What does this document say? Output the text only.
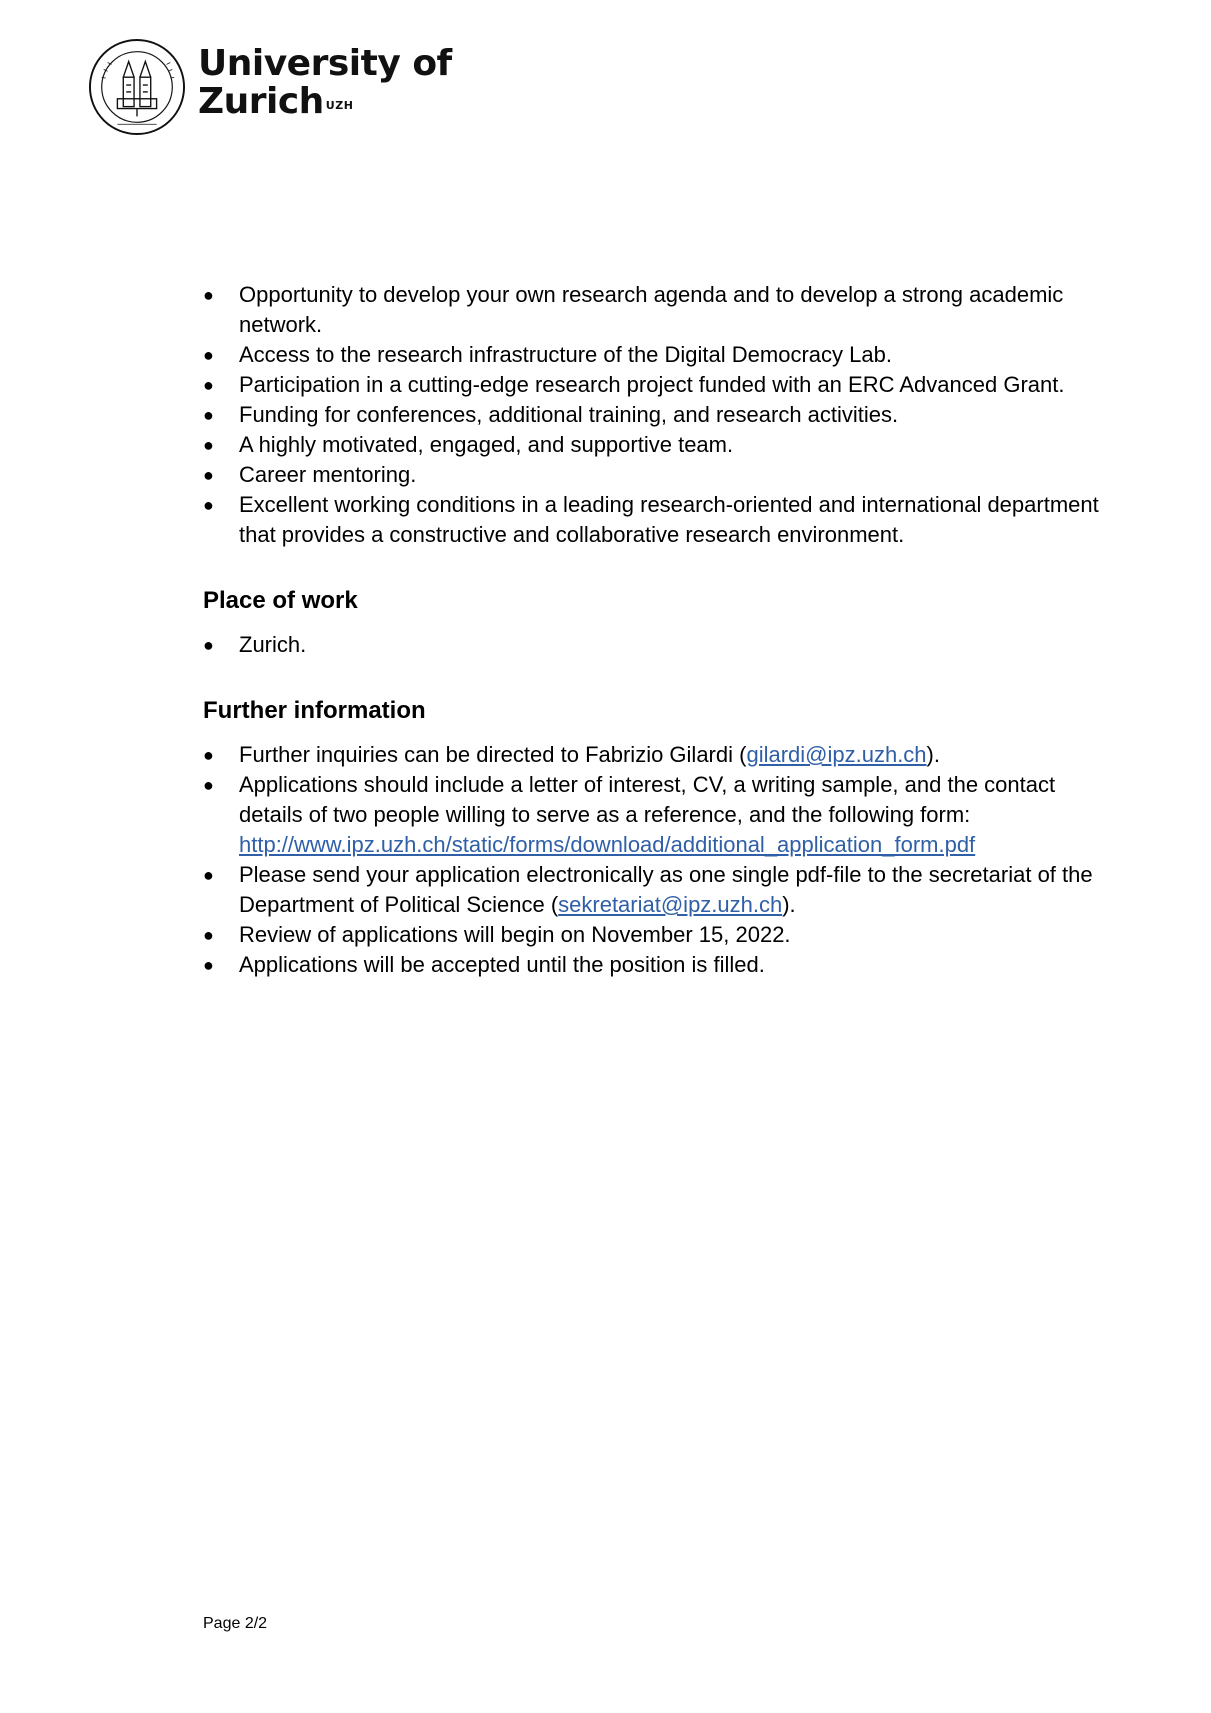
University of
Zurich $^{UZH}$
● Opportunity to develop your own research agenda and to develop a strong academic network.
● Access to the research infrastructure of the Digital Democracy Lab.
● Participation in a cutting-edge research project funded with an ERC Advanced Grant.
● Funding for conferences, additional training, and research activities.
● A highly motivated, engaged, and supportive team.
● Career mentoring.
● Excellent working conditions in a leading research-oriented and international department that provides a constructive and collaborative research environment.
Place of work
● Zurich.
Further information
● Further inquiries can be directed to Fabrizio Gilardi (gilardi@ipz.uzh.ch).
● Applications should include a letter of interest, CV, a writing sample, and the contact details of two people willing to serve as a reference, and the following form:
http://www.ipz.uzh.ch/static/forms/download/additional_application_form.pdf
● Please send your application electronically as one single pdf-file to the secretariat of the Department of Political Science (sekretariat@ipz.uzh.ch).
● Review of applications will begin on November 15, 2022.
● Applications will be accepted until the position is filled.
Page 2/2
